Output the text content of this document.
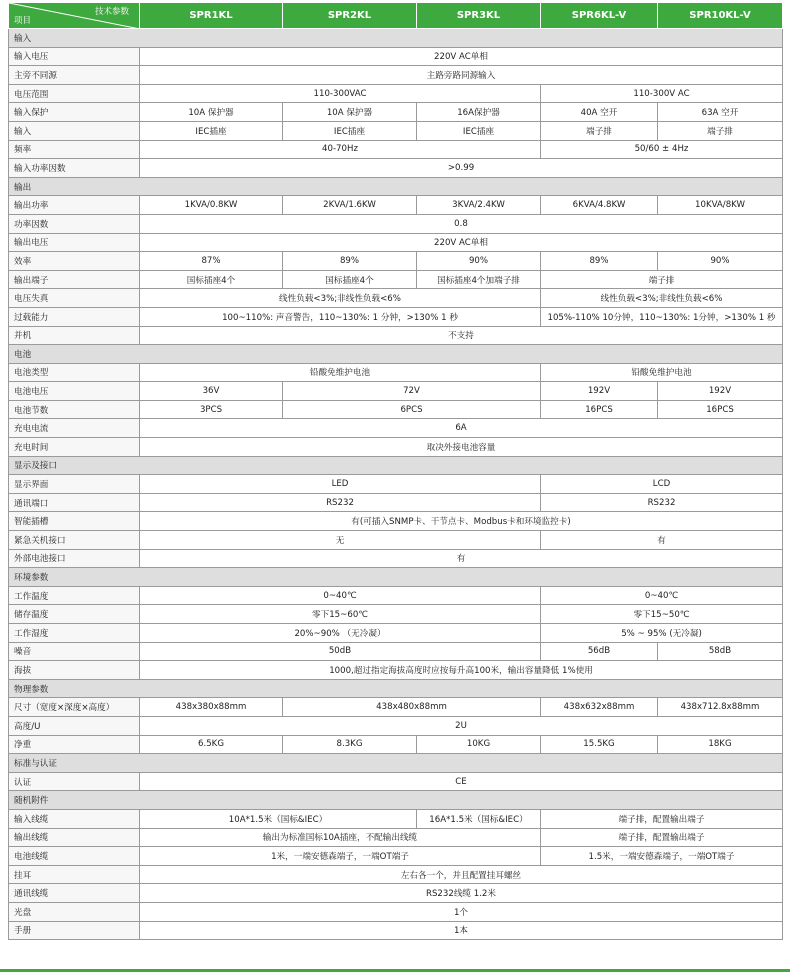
技术参数
项目	SPR1KL	SPR2KL	SPR3KL	SPR6KL-V	SPR10KL-V
输入					
输入电压	220V AC单相				
主旁不同源	主路旁路同源输入				
电压范围	110-300VAC			110-300V AC	
输入保护	10A 保护器	10A 保护器	16A保护器	40A 空开	63A 空开
输入	IEC插座	IEC插座	IEC插座	端子排	端子排
频率	40-70Hz			50/60 ± 4Hz	
输入功率因数	>0.99				
输出					
输出功率	1KVA/0.8KW	2KVA/1.6KW	3KVA/2.4KW	6KVA/4.8KW	10KVA/8KW
功率因数	0.8				
输出电压	220V AC单相				
效率	87%	89%	90%	89%	90%
输出端子	国标插座4个	国标插座4个	国标插座4个加端子排	端子排	
电压失真	线性负载<3%;非线性负载<6%			线性负载<3%;非线性负载<6%	
过载能力	100~110%: 声音警告，110~130%: 1 分钟，>130% 1 秒			105%-110% 10分钟，110~130%: 1分钟，>130% 1 秒	
并机	不支持				
电池					
电池类型	铅酸免维护电池			铅酸免维护电池	
电池电压	36V	72V		192V	192V
电池节数	3PCS	6PCS		16PCS	16PCS
充电电流	6A				
充电时间	取决外接电池容量				
显示及接口					
显示界面	LED			LCD	
通讯端口	RS232			RS232	
智能插槽	有(可插入SNMP卡、干节点卡、Modbus卡和环境监控卡)				
紧急关机接口	无			有	
外部电池接口	有				
环境参数					
工作温度	0~40℃			0~40℃	
储存温度	零下15~60℃			零下15~50℃	
工作湿度	20%~90% （无冷凝）			5% ~ 95% (无冷凝)	
噪音	50dB			56dB	58dB
海拔	1000,超过指定海拔高度时应按每升高100米，输出容量降低 1%使用				
物理参数					
尺寸（宽度×深度×高度）	438x380x88mm	438x480x88mm		438x632x88mm	438x712.8x88mm
高度/U	2U				
净重	6.5KG	8.3KG	10KG	15.5KG	18KG
标准与认证					
认证	CE				
随机附件					
输入线缆	10A*1.5米（国标&IEC）		16A*1.5米（国标&IEC）	端子排，配置输出端子	
输出线缆	输出为标准国标10A插座，不配输出线缆			端子排，配置输出端子	
电池线缆	1米，一端安德森端子，一端OT端子			1.5米，一端安德森端子，一端OT端子	
挂耳	左右各一个，并且配置挂耳螺丝				
通讯线缆	RS232线缆 1.2米				
光盘	1个				
手册	1本				
